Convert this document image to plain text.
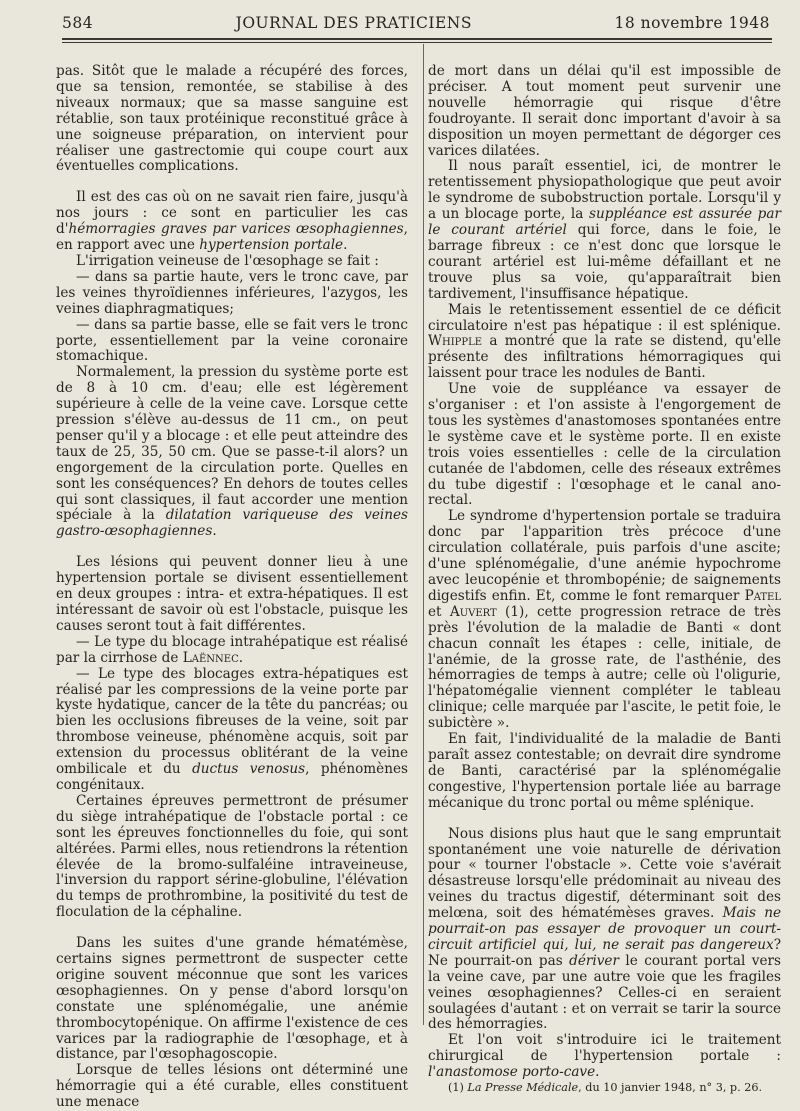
584	JOURNAL DES PRATICIENS	18 novembre 1948

pas. Sitôt que le malade a récupéré des forces, que sa tension, remontée, se stabilise à des niveaux normaux; que sa masse sanguine est rétablie, son taux protéinique reconstitué grâce à une soigneuse préparation, on intervient pour réaliser une gastrectomie qui coupe court aux éventuelles complications.

Il est des cas où on ne savait rien faire, jusqu'à nos jours : ce sont en particulier les cas d'hémorragies graves par varices œsophagiennes, en rapport avec une hypertension portale.

L'irrigation veineuse de l'œsophage se fait :

— dans sa partie haute, vers le tronc cave, par les veines thyroïdiennes inférieures, l'azygos, les veines diaphragmatiques;

— dans sa partie basse, elle se fait vers le tronc porte, essentiellement par la veine coronaire stomachique.

Normalement, la pression du système porte est de 8 à 10 cm. d'eau; elle est légèrement supérieure à celle de la veine cave. Lorsque cette pression s'élève au-dessus de 11 cm., on peut penser qu'il y a blocage : et elle peut atteindre des taux de 25, 35, 50 cm. Que se passe-t-il alors? un engorgement de la circulation porte. Quelles en sont les conséquences? En dehors de toutes celles qui sont classiques, il faut accorder une mention spéciale à la dilatation variqueuse des veines gastro-œsophagiennes.

Les lésions qui peuvent donner lieu à une hypertension portale se divisent essentiellement en deux groupes : intra- et extra-hépatiques. Il est intéressant de savoir où est l'obstacle, puisque les causes seront tout à fait différentes.

— Le type du blocage intrahépatique est réalisé par la cirrhose de Laënnec.

— Le type des blocages extra-hépatiques est réalisé par les compressions de la veine porte par kyste hydatique, cancer de la tête du pancréas; ou bien les occlusions fibreuses de la veine, soit par thrombose veineuse, phénomène acquis, soit par extension du processus oblitérant de la veine ombilicale et du ductus venosus, phénomènes congénitaux.

Certaines épreuves permettront de présumer du siège intrahépatique de l'obstacle portal : ce sont les épreuves fonctionnelles du foie, qui sont altérées. Parmi elles, nous retiendrons la rétention élevée de la bromo-sulfaléine intraveineuse, l'inversion du rapport sérine-globuline, l'élévation du temps de prothrombine, la positivité du test de floculation de la céphaline.

Dans les suites d'une grande hématémèse, certains signes permettront de suspecter cette origine souvent méconnue que sont les varices œsophagiennes. On y pense d'abord lorsqu'on constate une splénomégalie, une anémie thrombocytopénique. On affirme l'existence de ces varices par la radiographie de l'œsophage, et à distance, par l'œsophagoscopie.

Lorsque de telles lésions ont déterminé une hémorragie qui a été curable, elles constituent une menace

de mort dans un délai qu'il est impossible de préciser. A tout moment peut survenir une nouvelle hémorragie qui risque d'être foudroyante. Il serait donc important d'avoir à sa disposition un moyen permettant de dégorger ces varices dilatées.

Il nous paraît essentiel, ici, de montrer le retentissement physiopathologique que peut avoir le syndrome de subobstruction portale. Lorsqu'il y a un blocage porte, la suppléance est assurée par le courant artériel qui force, dans le foie, le barrage fibreux : ce n'est donc que lorsque le courant artériel est lui-même défaillant et ne trouve plus sa voie, qu'apparaîtrait bien tardivement, l'insuffisance hépatique.

Mais le retentissement essentiel de ce déficit circulatoire n'est pas hépatique : il est splénique. Whipple a montré que la rate se distend, qu'elle présente des infiltrations hémorragiques qui laissent pour trace les nodules de Banti.

Une voie de suppléance va essayer de s'organiser : et l'on assiste à l'engorgement de tous les systèmes d'anastomoses spontanées entre le système cave et le système porte. Il en existe trois voies essentielles : celle de la circulation cutanée de l'abdomen, celle des réseaux extrêmes du tube digestif : l'œsophage et le canal ano-rectal.

Le syndrome d'hypertension portale se traduira donc par l'apparition très précoce d'une circulation collatérale, puis parfois d'une ascite; d'une splénomégalie, d'une anémie hypochrome avec leucopénie et thrombopénie; de saignements digestifs enfin. Et, comme le font remarquer Patel et Auvert (1), cette progression retrace de très près l'évolution de la maladie de Banti « dont chacun connaît les étapes : celle, initiale, de l'anémie, de la grosse rate, de l'asthénie, des hémorragies de temps à autre; celle où l'oligurie, l'hépatomégalie viennent compléter le tableau clinique; celle marquée par l'ascite, le petit foie, le subictère ».

En fait, l'individualité de la maladie de Banti paraît assez contestable; on devrait dire syndrome de Banti, caractérisé par la splénomégalie congestive, l'hypertension portale liée au barrage mécanique du tronc portal ou même splénique.

Nous disions plus haut que le sang empruntait spontanément une voie naturelle de dérivation pour « tourner l'obstacle ». Cette voie s'avérait désastreuse lorsqu'elle prédominait au niveau des veines du tractus digestif, déterminant soit des melœna, soit des hématémèses graves. Mais ne pourrait-on pas essayer de provoquer un court-circuit artificiel qui, lui, ne serait pas dangereux? Ne pourrait-on pas dériver le courant portal vers la veine cave, par une autre voie que les fragiles veines œsophagiennes? Celles-ci en seraient soulagées d'autant : et on verrait se tarir la source des hémorragies.

Et l'on voit s'introduire ici le traitement chirurgical de l'hypertension portale : l'anastomose porto-cave.

(1) La Presse Médicale, du 10 janvier 1948, n° 3, p. 26.
